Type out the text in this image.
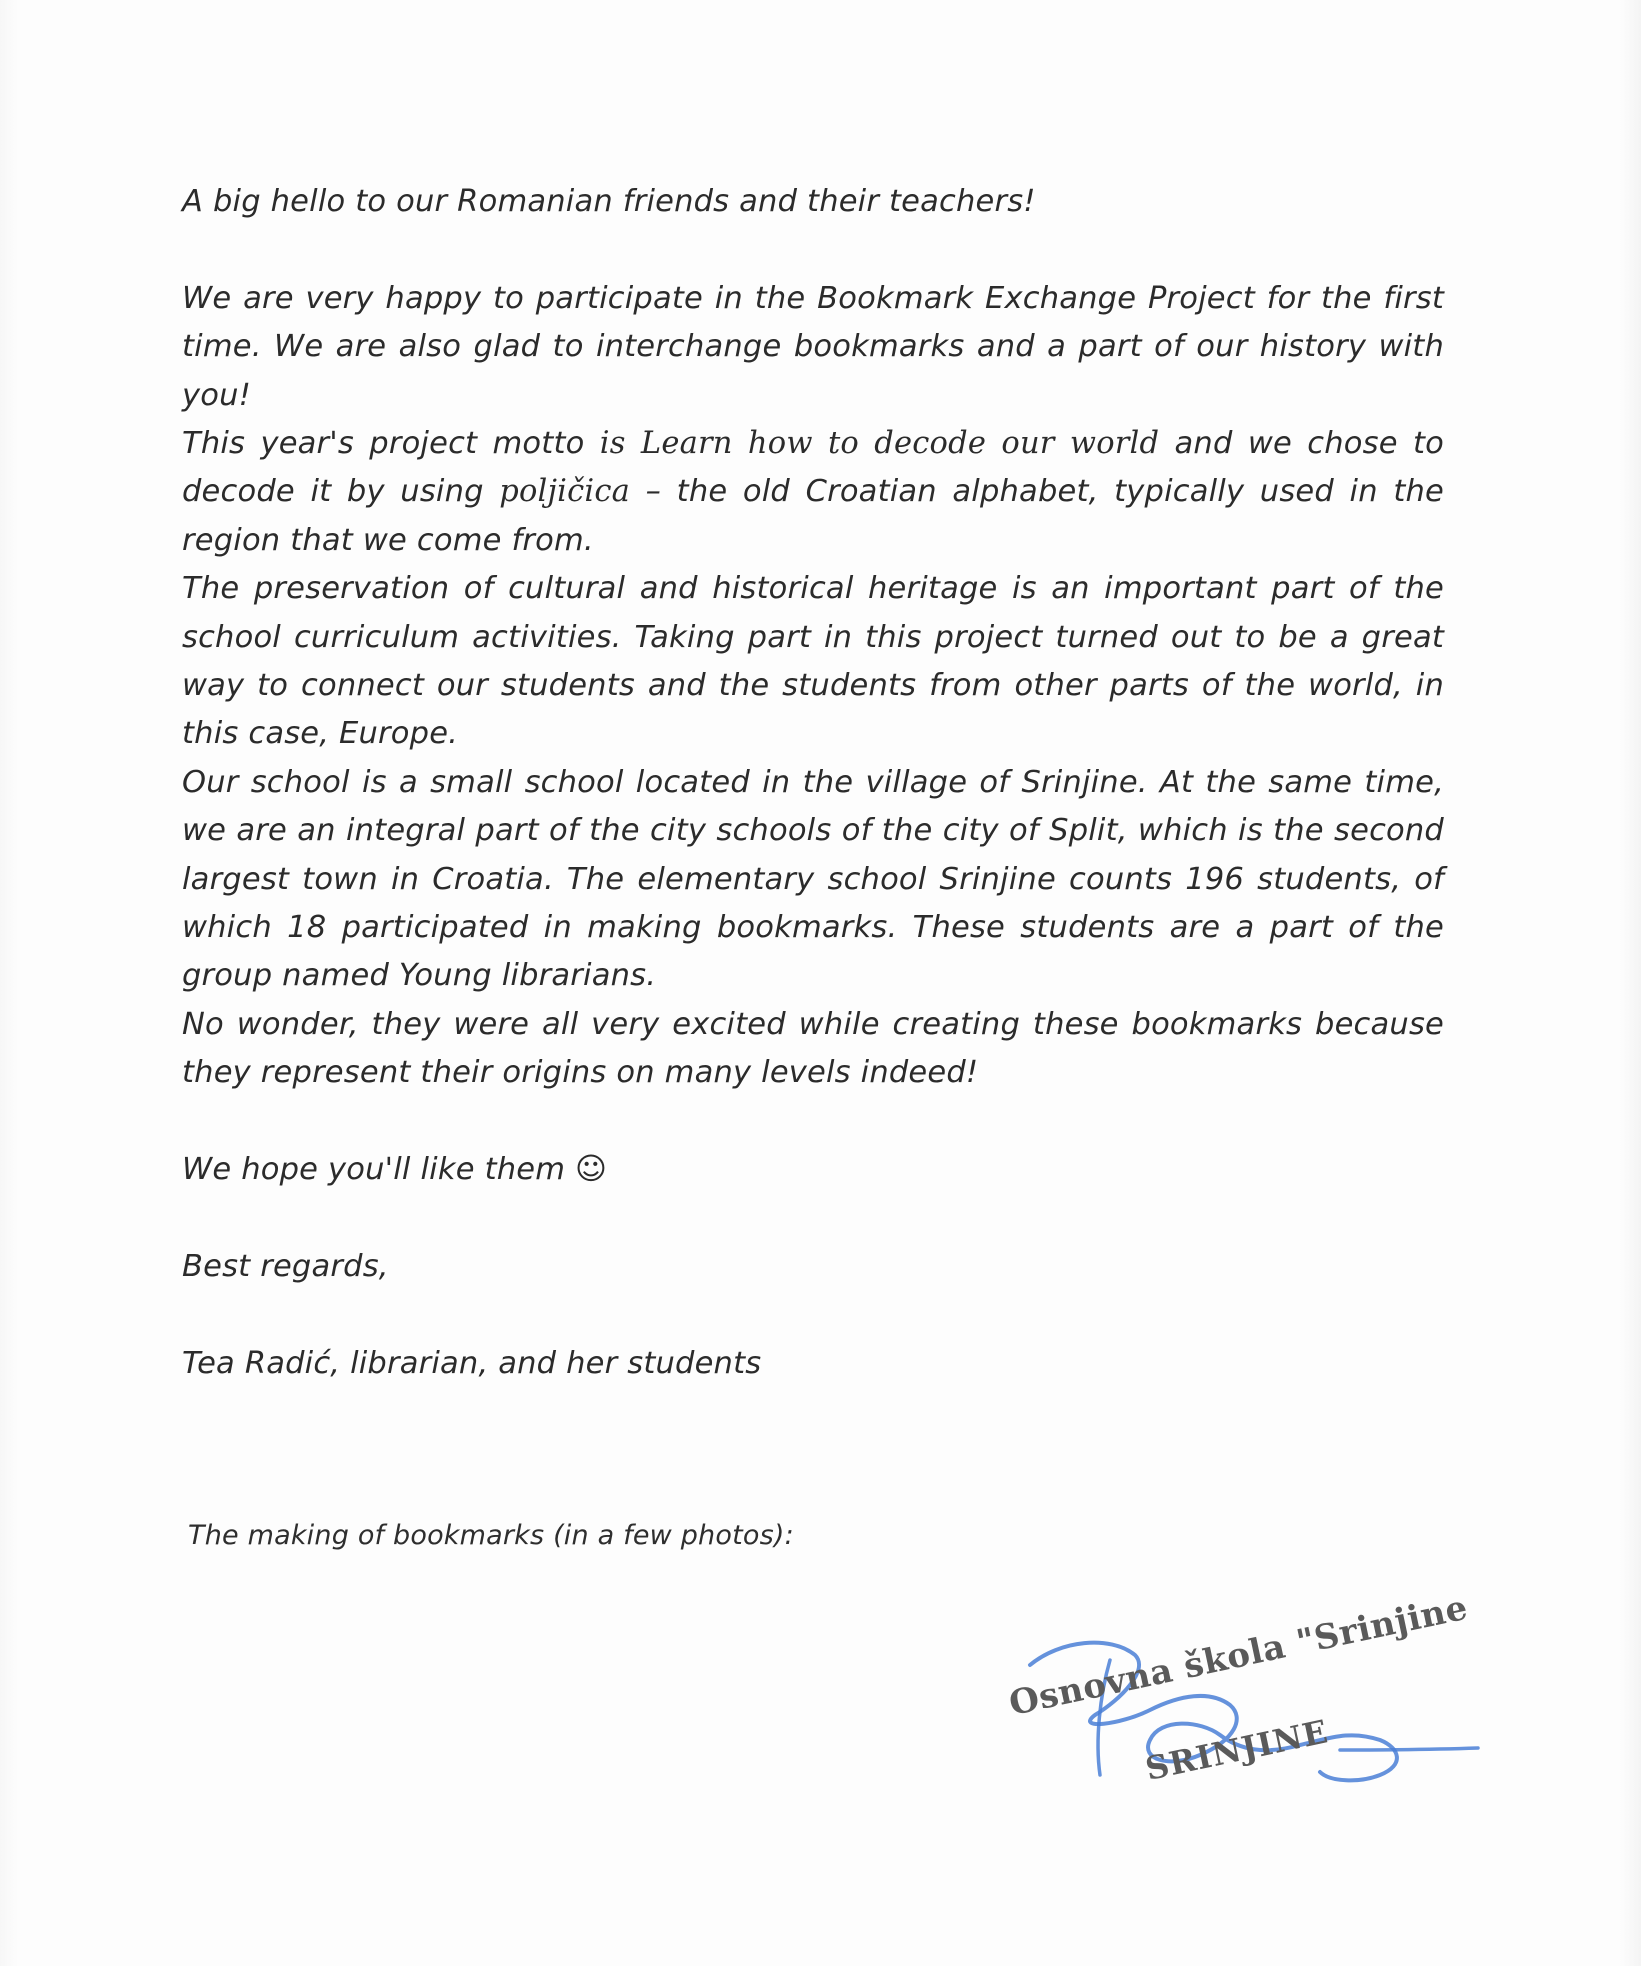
A big hello to our Romanian friends and their teachers!

We are very happy to participate in the Bookmark Exchange Project for the first time. We are also glad to interchange bookmarks and a part of our history with you!

This year's project motto is Learn how to decode our world and we chose to decode it by using poljičica – the old Croatian alphabet, typically used in the region that we come from.

The preservation of cultural and historical heritage is an important part of the school curriculum activities. Taking part in this project turned out to be a great way to connect our students and the students from other parts of the world, in this case, Europe.

Our school is a small school located in the village of Srinjine. At the same time, we are an integral part of the city schools of the city of Split, which is the second largest town in Croatia. The elementary school Srinjine counts 196 students, of which 18 participated in making bookmarks. These students are a part of the group named Young librarians.

No wonder, they were all very excited while creating these bookmarks because they represent their origins on many levels indeed!

We hope you'll like them ☺

Best regards,

Tea Radić, librarian, and her students

The making of bookmarks (in a few photos):
Osnovna škola "Srinjine
SRINJINE
